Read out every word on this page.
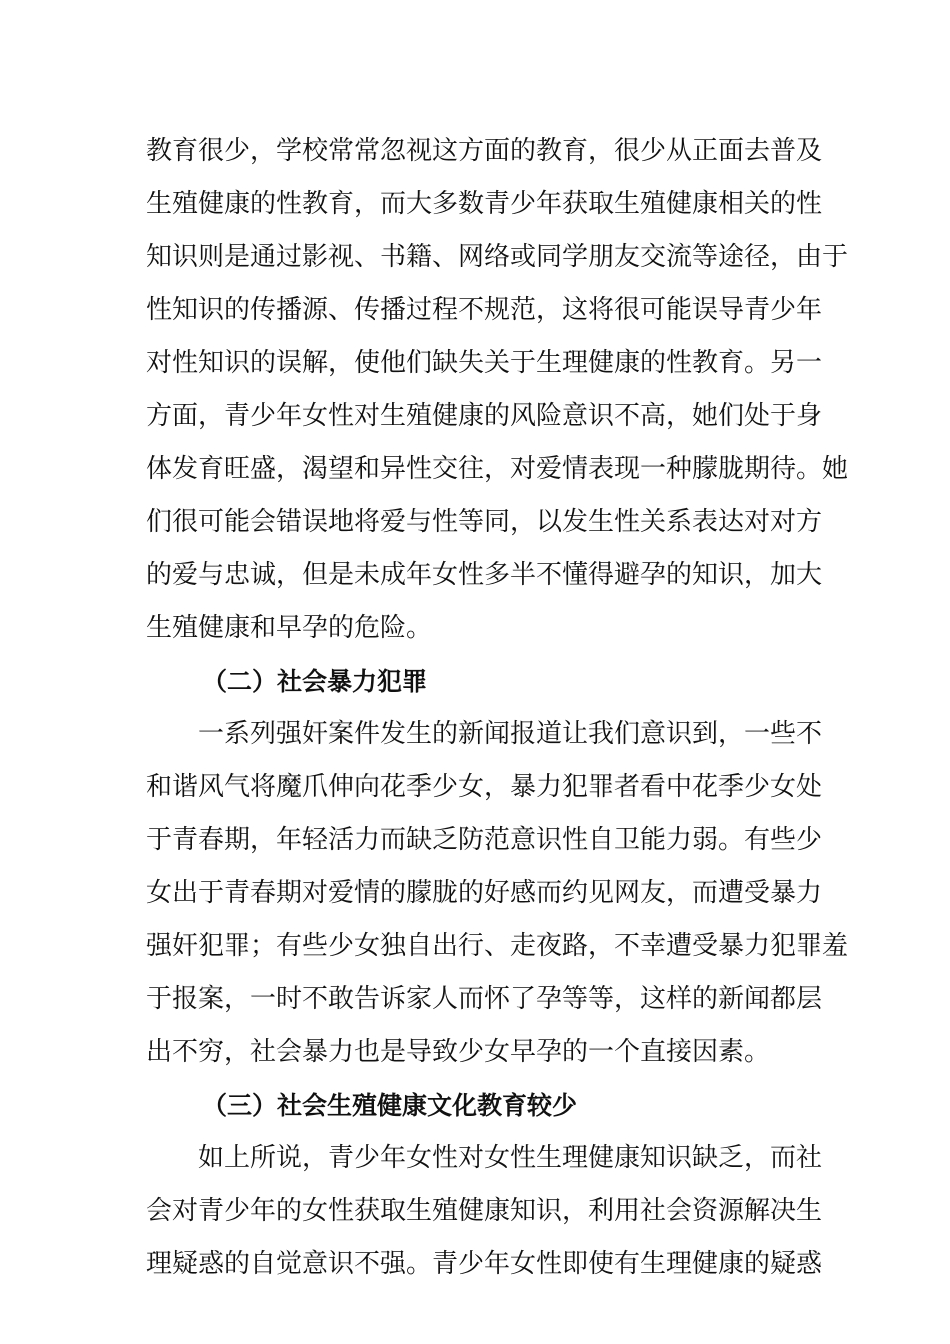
教育很少，学校常常忽视这方面的教育，很少从正面去普及
生殖健康的性教育，而大多数青少年获取生殖健康相关的性
知识则是通过影视、书籍、网络或同学朋友交流等途径，由于
性知识的传播源、传播过程不规范，这将很可能误导青少年
对性知识的误解，使他们缺失关于生理健康的性教育。另一
方面，青少年女性对生殖健康的风险意识不高，她们处于身
体发育旺盛，渴望和异性交往，对爱情表现一种朦胧期待。她
们很可能会错误地将爱与性等同，以发生性关系表达对对方
的爱与忠诚，但是未成年女性多半不懂得避孕的知识，加大
生殖健康和早孕的危险。
（二）社会暴力犯罪
一系列强奸案件发生的新闻报道让我们意识到，一些不
和谐风气将魔爪伸向花季少女，暴力犯罪者看中花季少女处
于青春期，年轻活力而缺乏防范意识性自卫能力弱。有些少
女出于青春期对爱情的朦胧的好感而约见网友，而遭受暴力
强奸犯罪；有些少女独自出行、走夜路，不幸遭受暴力犯罪羞
于报案，一时不敢告诉家人而怀了孕等等，这样的新闻都层
出不穷，社会暴力也是导致少女早孕的一个直接因素。
（三）社会生殖健康文化教育较少
如上所说，青少年女性对女性生理健康知识缺乏，而社
会对青少年的女性获取生殖健康知识，利用社会资源解决生
理疑惑的自觉意识不强。青少年女性即使有生理健康的疑惑
